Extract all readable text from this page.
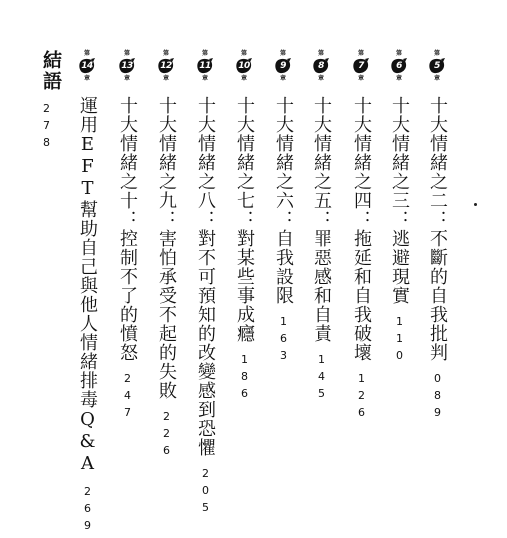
第
5
章
十大情緒之二：不斷的自我批判
089
第
6
章
十大情緒之三：逃避現實
110
第
7
章
十大情緒之四：拖延和自我破壞
126
第
8
章
十大情緒之五：罪惡感和自責
145
第
9
章
十大情緒之六：自我設限
163
第
10
章
十大情緒之七：對某些事成癮
186
第
11
章
十大情緒之八：對不可預知的改變感到恐懼
205
第
12
章
十大情緒之九：害怕承受不起的失敗
226
第
13
章
十大情緒之十：控制不了的憤怒
247
第
14
章
運用EFT幫助自己與他人情緒排毒Q&A
269
結語
278
